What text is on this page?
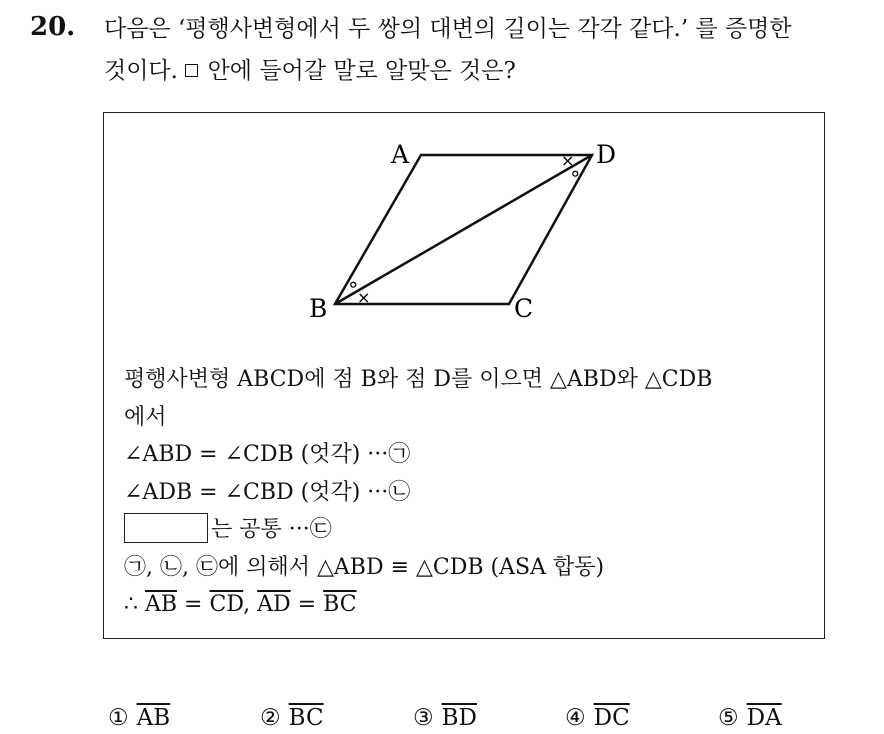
20. 다음은 ‘평행사변형에서 두 쌍의 대변의 길이는 각각 같다.’ 를 증명한
것이다.  안에 들어갈 말로 알맞은 것은?
A	D
B	C
×
∘
∘
×
평행사변형 ABCD에 점 B와 점 D를 이으면 △ABD와 △CDB
에서
∠ABD = ∠CDB (엇각) ···㉠
∠ADB = ∠CBD (엇각) ···㉡
는 공통 ···㉢
㉠, ㉡, ㉢에 의해서 △ABD ≡ △CDB (ASA 합동)
∴ $\overline{AB} = \overline{CD}$, $\overline{AD} = \overline{BC}$
① $\overline{AB}$	② $\overline{BC}$	③ $\overline{BD}$	④ $\overline{DC}$	⑤ $\overline{DA}$
